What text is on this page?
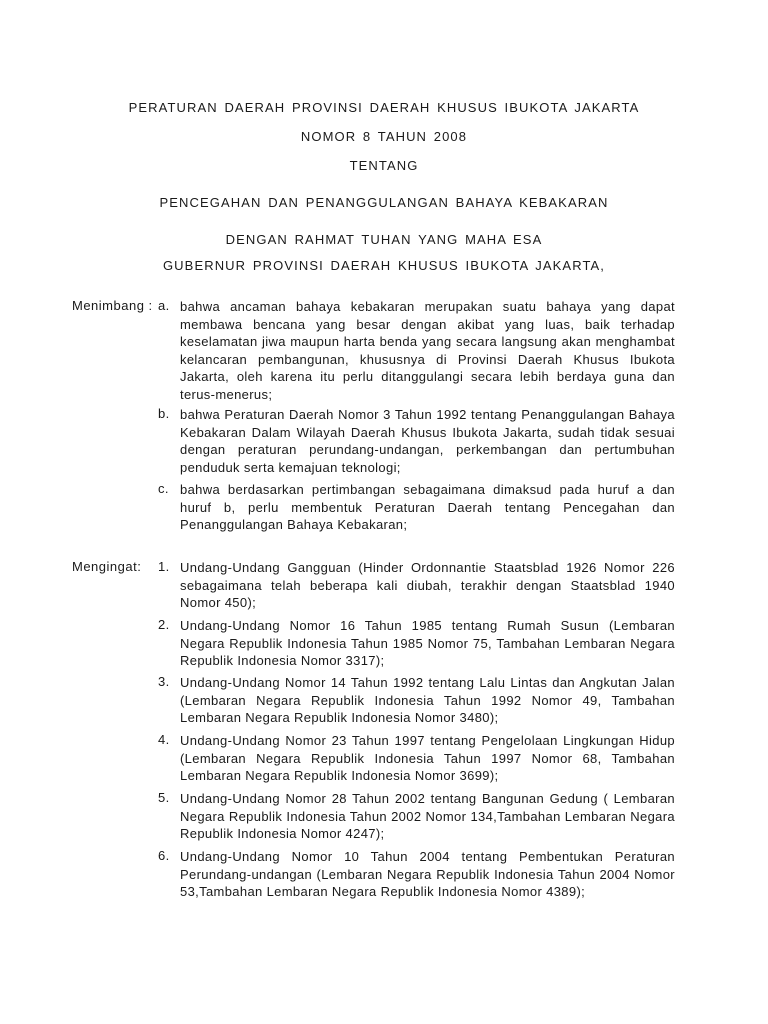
PERATURAN DAERAH PROVINSI DAERAH KHUSUS IBUKOTA JAKARTA
NOMOR 8 TAHUN 2008
TENTANG
PENCEGAHAN DAN PENANGGULANGAN BAHAYA KEBAKARAN
DENGAN RAHMAT TUHAN YANG MAHA ESA
GUBERNUR PROVINSI DAERAH KHUSUS IBUKOTA JAKARTA,
Menimbang : a. bahwa ancaman bahaya kebakaran merupakan suatu bahaya yang dapat membawa bencana yang besar dengan akibat yang luas, baik terhadap keselamatan jiwa maupun harta benda yang secara langsung akan menghambat kelancaran pembangunan, khususnya di Provinsi Daerah Khusus Ibukota Jakarta, oleh karena itu perlu ditanggulangi secara lebih berdaya guna dan terus-menerus;
b. bahwa Peraturan Daerah Nomor 3 Tahun 1992 tentang Penanggulangan Bahaya Kebakaran Dalam Wilayah Daerah Khusus Ibukota Jakarta, sudah tidak sesuai dengan peraturan perundang-undangan, perkembangan dan pertumbuhan penduduk serta kemajuan teknologi;
c. bahwa berdasarkan pertimbangan sebagaimana dimaksud pada huruf a dan huruf b, perlu membentuk Peraturan Daerah tentang Pencegahan dan Penanggulangan Bahaya Kebakaran;
Mengingat: 1. Undang-Undang Gangguan (Hinder Ordonnantie Staatsblad 1926 Nomor 226 sebagaimana telah beberapa kali diubah, terakhir dengan Staatsblad 1940 Nomor 450);
2. Undang-Undang Nomor 16 Tahun 1985 tentang Rumah Susun (Lembaran Negara Republik Indonesia Tahun 1985 Nomor 75, Tambahan Lembaran Negara Republik Indonesia Nomor 3317);
3. Undang-Undang Nomor 14 Tahun 1992 tentang Lalu Lintas dan Angkutan Jalan (Lembaran Negara Republik Indonesia Tahun 1992 Nomor 49, Tambahan Lembaran Negara Republik Indonesia Nomor 3480);
4. Undang-Undang Nomor 23 Tahun 1997 tentang Pengelolaan Lingkungan Hidup (Lembaran Negara Republik Indonesia Tahun 1997 Nomor 68, Tambahan Lembaran Negara Republik Indonesia Nomor 3699);
5. Undang-Undang Nomor 28 Tahun 2002 tentang Bangunan Gedung ( Lembaran Negara Republik Indonesia Tahun 2002 Nomor 134,Tambahan Lembaran Negara Republik Indonesia Nomor 4247);
6. Undang-Undang Nomor 10 Tahun 2004 tentang Pembentukan Peraturan Perundang-undangan (Lembaran Negara Republik Indonesia Tahun 2004 Nomor 53,Tambahan Lembaran Negara Republik Indonesia Nomor 4389);
